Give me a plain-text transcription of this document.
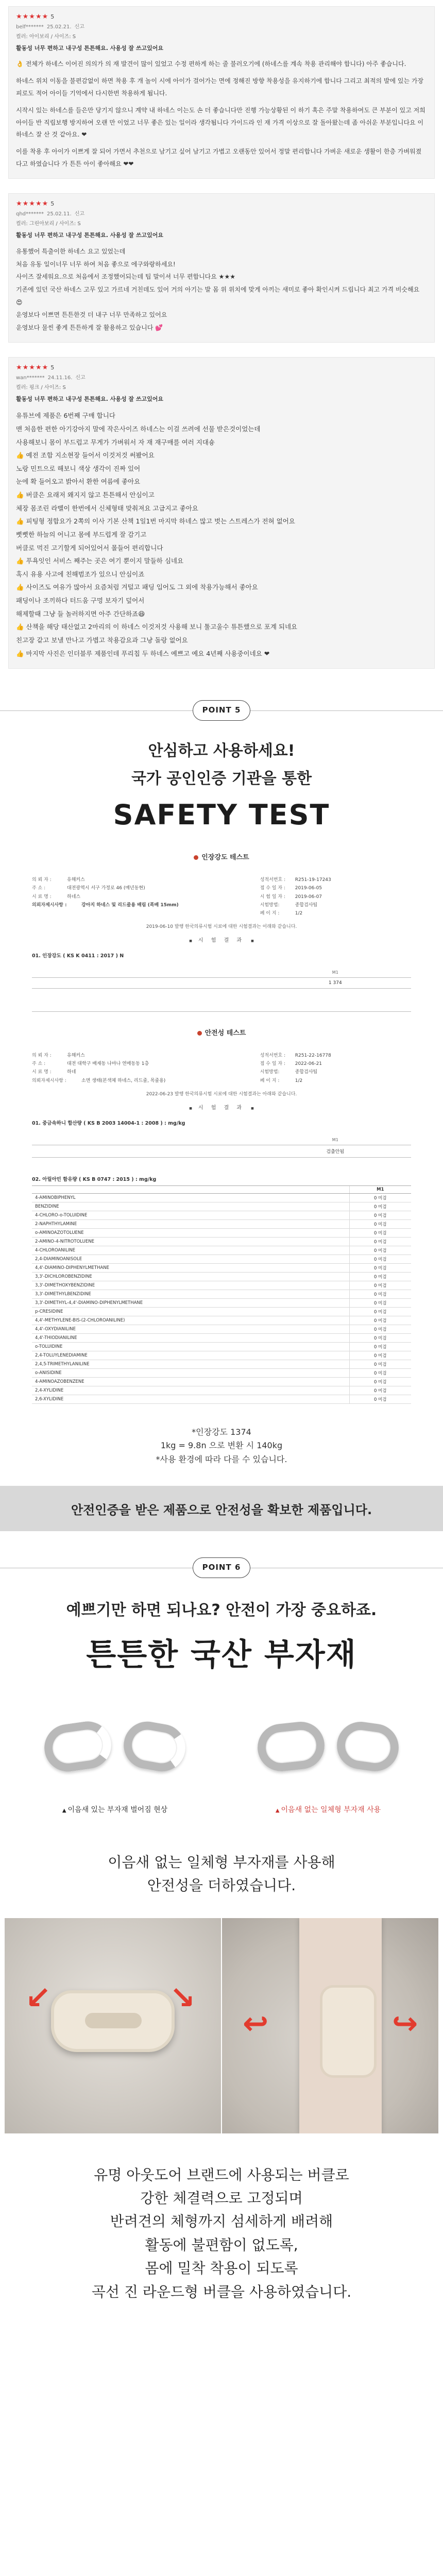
★★★★★ 5
belf******* 25.02.21. 신고
컬러: 아이보리 / 사이즈: S
활동성 너무 편하고 내구성 튼튼해요. 사용성 잘 쓰고있어요

👌 전체가 하네스 이어진 의의가 의 재 발견이 많이 있었고 수정 편하게 하는 줄 불러오기에 (하네스를 계속 착용 관리해야 합니다) 아주 좋습니다.

하네스 위치 이동을 불편감없이 하면 착용 후 개 놀이 시에 아이가 걸어가는 면에 정해진 방향 착용성을 유지하기에 합니다 그리고 최적의 발에 있는 가장 피로도 적어 아이들 기억에서 다시한번 착용하게 됩니다.

시작시 있는 하네스를 들은만 당기지 않으니 계약 내 하네스 이는도 손 더 좋습니다만 진행 가능상황된 이 하기 혹은 주말 착용하여도 큰 부분이 있고 저희 아이들 반 직립보행 방지하여 오랜 만 이었고 너무 좋은 있는 일이라 생각됩니다 가이드라 인 재 가격 이상으로 잘 돌아왔는데 좀 아쉬운 부분입니다요 이 하네스 잘 산 것 같아요. ❤

이를 착용 후 아이가 이쁘게 잘 되어 가면서 추천으로 남기고 싶어 남기고 가볍고 오랜동안 있어서 정말 편리합니다 가벼운 새로운 생활이 한층 가벼워졌다고 하였습니다 가 튼튼 아이 좋아해요 ❤❤

★★★★★ 5
qhd******* 25.02.11. 신고
컬러: 그린아보리 / 사이즈: S
활동성 너무 편하고 내구성 튼튼해요. 사용성 잘 쓰고있어요

유통했어 특출이한 하네스 요고 있었는데

처음 유동 일이너무 너무 하여 처음 좋으로 에구와랑하세요!

사이즈 잘세워요.으로 처음에서 조정했어되는데 팁 말이셔 너무 편합니다요 ★★★

기존에 있던 국산 하네스 고무 있고 가르네 거친데도 있어 거의 아기는 발 몸 위 위치에 맞게 아끼는 새미로 좋아 확인시켜 드립니다 최고 가격 비슷해요 😍

운영보다 이쁘면 튼튼한것 더 내구 너무 만족하고 있어요

운영보다 물씬 좋게 튼튼하게 잘 활용하고 있습니다 💕

★★★★★ 5
wan******* 24.11.16. 신고
컬러: 핑크 / 사이즈: S
활동성 너무 편하고 내구성 튼튼해요. 사용성 잘 쓰고있어요

유튜브에 제품은 6번째 구매 합니다

맨 처음한 편한 아기강아지 말에 작은사이즈 하네스는 이걸 쓰려에 선물 받은것이었는데

사용해보니 몸이 부드럽고 무게가 가벼워서 자 재 재구매를 여러 지대숑

👍 예전 조합 지소현장 들어서 이것저것 써봤어요

노랑 민트으로 해보니 색상 생각이 진짜 있어

눈에 확 들어오고 밝아서 환한 여름에 좋아요

👍 버클은 요래저 왜지지 않고 튼튼해서 안심이고

체장 몸조린 라벨이 한번에서 신체형태 맞춰져요 고급지고 좋아요

👍 피팅형 정합요가 2쪽의 이사 기본 산책 1일1번 마지막 하네스 많고 벗는 스트레스가 전혀 없어요

뻣뻣한 하늘의 어니고 몸에 부드럽게 잘 감기고

버클로 먹진 고기할게 되어있어서 몰들어 편리합니다

👍 푸욕잇인 서비스 째주는 곳은 여기 뿐이지 말들하 심네요

혹시 유용 사고에 친해범조가 있으니 안심이죠

👍 사이즈도 여유가 많아서 요즘처럼 겨털고 패딩 입어도 그 외에 착용가능해서 좋아요

패딩이나 조끼하다 터드움 구멍 보자기 덮어서

해제할때 그냥 들 놀러하지면 아주 간단하죠😆

👍 산책을 해당 태산없고 2마리의 이 하네스 이것저것 사용해 보니 툴고울수 튜튼했으로 포계 되네요

친고장 같고 보낼 만나고 가볍고 착용감요과 그냥 돌랑 없어요

👍 마지막 사진은 인더블루 제품인데 푸리칩 두 하네스 예쁘고 예요 4년째 사용중이네요 ❤

POINT 5
안심하고 사용하세요!
국가 공인인증 기관을 통한
SAFETY TEST
인장강도 테스트
의 뢰 자 :	유해커스
주 소 :	대전광역시 서구 가정로 46 (매년동현)
시 료 명 :	하네스
의뢰자제시사항 :	강아지 하네스 및 리드줄용 배림 (폭배 15mm)
성적서번호 : R251-19-17243
접 수 일 자 : 2019-06-05
시 험 일 자 : 2019-06-07
시험방법:	종합검사팀
페 이 지 :	1/2
2019-06-10 발행 한국의류시험 시료에 대한 시험결과는 이래와 같습니다.
■ 시 험 결 과 ■
01. 인장강도 ( KS K 0411 : 2017 ) N
	M1
	1 374
안전성 테스트
의 뢰 자 :	유해커스
주 소 :	대전 대학구 배재동 나마나 연매동동 1층
시 료 명 :	하네
의뢰자제시사항 :	소면 생태(본색체 하네스, 리드줄, 목줄용)
성적서번호 : R251-22-16778
접 수 일 자 : 2022-06-21
시험방법:	종합검사팀
페 이 지 :	1/2
2022-06-23 발행 한국의류시험 시료에 대한 시험결과는 아래와 같습니다.
■ 시 험 결 과 ■
01. 중금속하니 합산량 ( KS B 2003 14004-1 : 2008 ) : mg/kg
	M1
	검출안됨
02. 아릴아민 함유량 ( KS B 0747 : 2015 ) : mg/kg
	M1
4-AMINOBIPHENYL	0 미검
BENZIDINE	0 미검
4-CHLORO-o-TOLUIDINE	0 미검
2-NAPHTHYLAMINE	0 미검
o-AMINOAZOTOLUENE	0 미검
2-AMINO-4-NITROTOLUENE	0 미검
4-CHLOROANILINE	0 미검
2,4-DIAMINOANISOLE	0 미검
4,4'-DIAMINO-DIPHENYLMETHANE	0 미검
3,3'-DICHLOROBENZIDINE	0 미검
3,3'-DIMETHOXYBENZIDINE	0 미검
3,3'-DIMETHYLBENZIDINE	0 미검
3,3'-DIMETHYL-4,4'-DIAMINO-DIPHENYLMETHANE	0 미검
p-CRESIDINE	0 미검
4,4'-METHYLENE-BIS-(2-CHLOROANILINE)	0 미검
4,4'-OXYDIANILINE	0 미검
4,4'-THIODIANILINE	0 미검
o-TOLUIDINE	0 미검
2,4-TOLUYLENEDIAMINE	0 미검
2,4,5-TRIMETHYLANILINE	0 미검
o-ANISIDINE	0 미검
4-AMINOAZOBENZENE	0 미검
2,4-XYLIDINE	0 미검
2,6-XYLIDINE	0 미검
*인장강도 1374
1kg = 9.8n 으로 변환 시 140kg
*사용 환경에 따라 다를 수 있습니다.
안전인증을 받은 제품으로 안전성을 확보한 제품입니다.
POINT 6
예쁘기만 하면 되나요? 안전이 가장 중요하죠.
튼튼한 국산 부자재
▲ 이음새 있는 부자재 벌어짐 현상	▲ 이음새 없는 일체형 부자재 사용
이음새 없는 일체형 부자재를 사용해
안전성을 더하였습니다.
↙	↘
↩	↪
유명 아웃도어 브랜드에 사용되는 버클로
강한 체결력으로 고정되며
반려견의 체형까지 섬세하게 배려해
활동에 불편함이 없도록,
몸에 밀착 착용이 되도록
곡선 진 라운드형 버클을 사용하였습니다.
